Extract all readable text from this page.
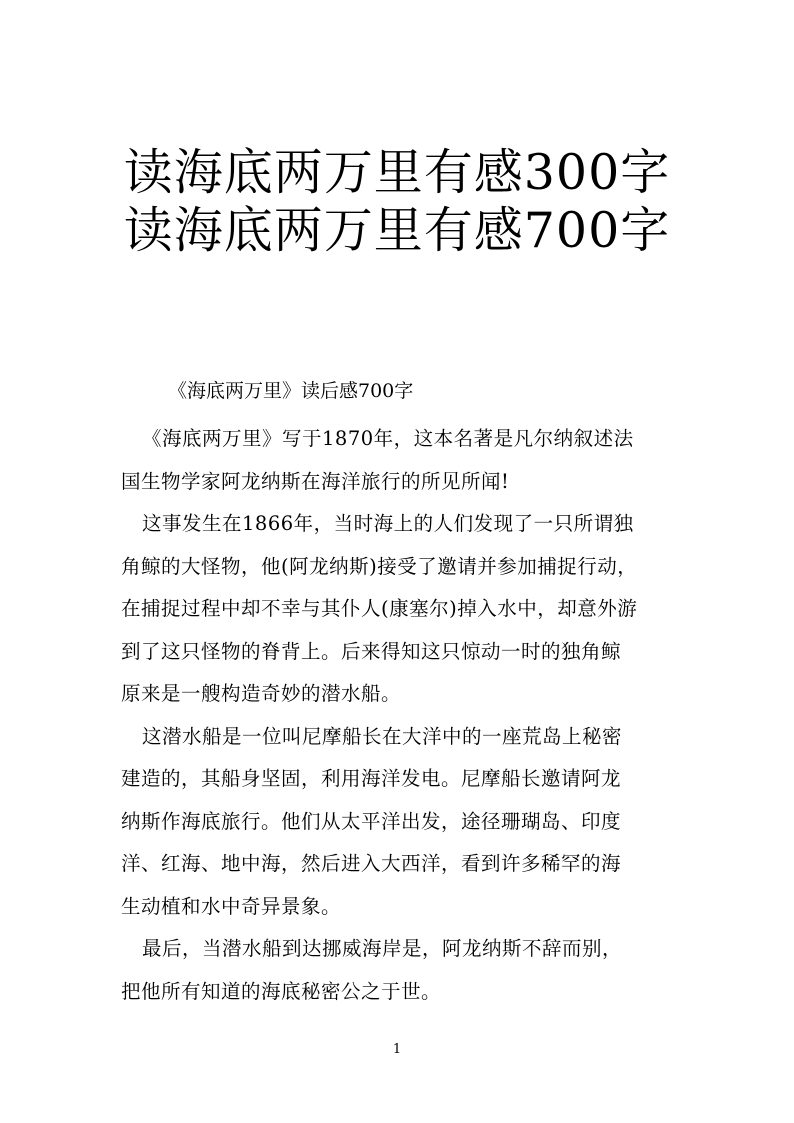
读海底两万里有感300字
读海底两万里有感700字
《海底两万里》读后感700字

《海底两万里》写于1870年，这本名著是凡尔纳叙述法
国生物学家阿龙纳斯在海洋旅行的所见所闻!

这事发生在1866年，当时海上的人们发现了一只所谓独
角鲸的大怪物，他(阿龙纳斯)接受了邀请并参加捕捉行动，
在捕捉过程中却不幸与其仆人(康塞尔)掉入水中，却意外游
到了这只怪物的脊背上。后来得知这只惊动一时的独角鲸
原来是一艘构造奇妙的潜水船。

这潜水船是一位叫尼摩船长在大洋中的一座荒岛上秘密
建造的，其船身坚固，利用海洋发电。尼摩船长邀请阿龙
纳斯作海底旅行。他们从太平洋出发，途径珊瑚岛、印度
洋、红海、地中海，然后进入大西洋，看到许多稀罕的海
生动植和水中奇异景象。

最后，当潜水船到达挪威海岸是，阿龙纳斯不辞而别，
把他所有知道的海底秘密公之于世。

1
